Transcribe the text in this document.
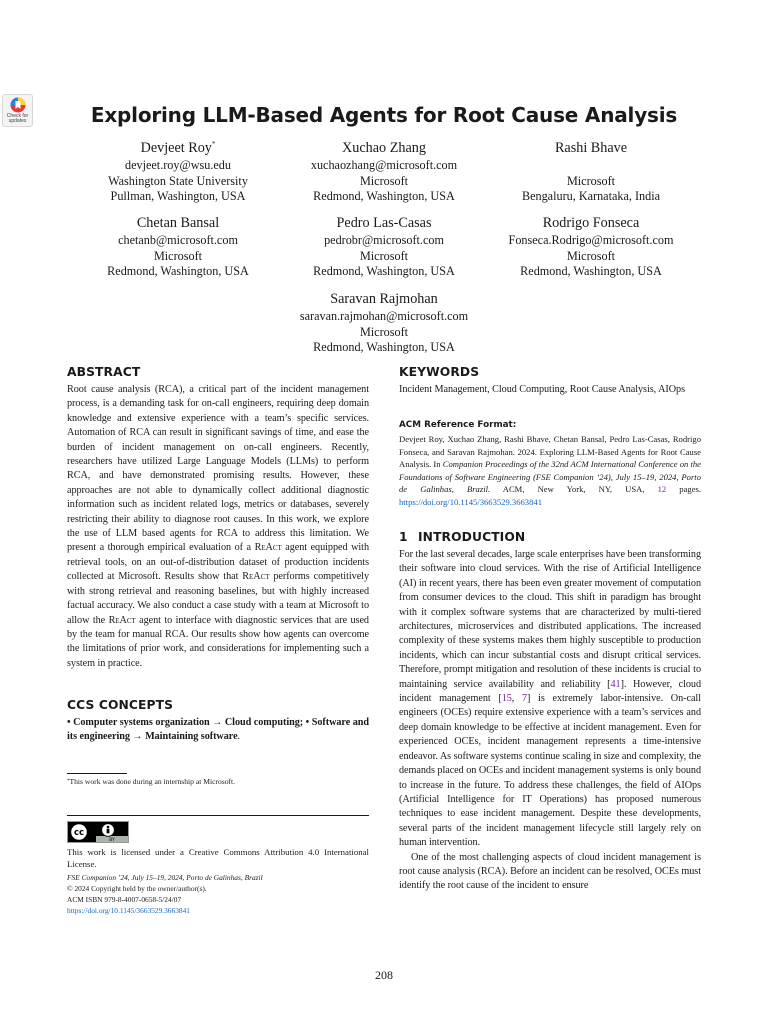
Check for
updates	Exploring LLM-Based Agents for Root Cause Analysis
Devjeet Roy*
devjeet.roy@wsu.edu
Washington State University
Pullman, Washington, USA
Xuchao Zhang
xuchaozhang@microsoft.com
Microsoft
Redmond, Washington, USA
Rashi Bhave
Microsoft
Bengaluru, Karnataka, India
Chetan Bansal
chetanb@microsoft.com
Microsoft
Redmond, Washington, USA
Pedro Las-Casas
pedrobr@microsoft.com
Microsoft
Redmond, Washington, USA
Rodrigo Fonseca
Fonseca.Rodrigo@microsoft.com
Microsoft
Redmond, Washington, USA
Saravan Rajmohan
saravan.rajmohan@microsoft.com
Microsoft
Redmond, Washington, USA
ABSTRACT
Root cause analysis (RCA), a critical part of the incident management process, is a demanding task for on-call engineers, requiring deep domain knowledge and extensive experience with a team’s specific services. Automation of RCA can result in significant savings of time, and ease the burden of incident management on on-call engineers. Recently, researchers have utilized Large Language Models (LLMs) to perform RCA, and have demonstrated promising results. However, these approaches are not able to dynamically collect additional diagnostic information such as incident related logs, metrics or databases, severely restricting their ability to diagnose root causes. In this work, we explore the use of LLM based agents for RCA to address this limitation. We present a thorough empirical evaluation of a ReAct agent equipped with retrieval tools, on an out-of-distribution dataset of production incidents collected at Microsoft. Results show that ReAct performs competitively with strong retrieval and reasoning baselines, but with highly increased factual accuracy. We also conduct a case study with a team at Microsoft to allow the ReAct agent to interface with diagnostic services that are used by the team for manual RCA. Our results show how agents can overcome the limitations of prior work, and considerations for implementing such a system in practice.
CCS CONCEPTS
• Computer systems organization → Cloud computing; • Software and its engineering → Maintaining software.
*This work was done during an internship at Microsoft.
cc
BY
This work is licensed under a Creative Commons Attribution 4.0 International License.
FSE Companion ’24, July 15–19, 2024, Porto de Galinhas, Brazil
© 2024 Copyright held by the owner/author(s).
ACM ISBN 979-8-4007-0658-5/24/07
https://doi.org/10.1145/3663529.3663841
KEYWORDS
Incident Management, Cloud Computing, Root Cause Analysis, AIOps
ACM Reference Format:
Devjeet Roy, Xuchao Zhang, Rashi Bhave, Chetan Bansal, Pedro Las-Casas, Rodrigo Fonseca, and Saravan Rajmohan. 2024. Exploring LLM-Based Agents for Root Cause Analysis. In Companion Proceedings of the 32nd ACM International Conference on the Foundations of Software Engineering (FSE Companion ’24), July 15–19, 2024, Porto de Galinhas, Brazil. ACM, New York, NY, USA, 12 pages. https://doi.org/10.1145/3663529.3663841
1 INTRODUCTION
For the last several decades, large scale enterprises have been transforming their software into cloud services. With the rise of Artificial Intelligence (AI) in recent years, there has been even greater movement of computation from consumer devices to the cloud. This shift in paradigm has brought with it complex software systems that are characterized by multi-tiered architectures, microservices and distributed applications. The increased complexity of these systems makes them highly susceptible to production incidents, which can incur substantial costs and disrupt critical services. Therefore, prompt mitigation and resolution of these incidents is crucial to maintaining service availability and reliability [41]. However, cloud incident management [15, 7] is extremely labor-intensive. On-call engineers (OCEs) require extensive experience with a team’s services and deep domain knowledge to be effective at incident management. Even for experienced OCEs, incident management represents a time-intensive endeavor. As software systems continue scaling in size and complexity, the demands placed on OCEs and incident management systems is only bound to increase in the future. To address these challenges, the field of AIOps (Artificial Intelligence for IT Operations) has proposed numerous techniques to ease incident management. Despite these developments, several parts of the incident management lifecycle still largely rely on human intervention.
One of the most challenging aspects of cloud incident management is root cause analysis (RCA). Before an incident can be resolved, OCEs must identify the root cause of the incident to ensure
208
